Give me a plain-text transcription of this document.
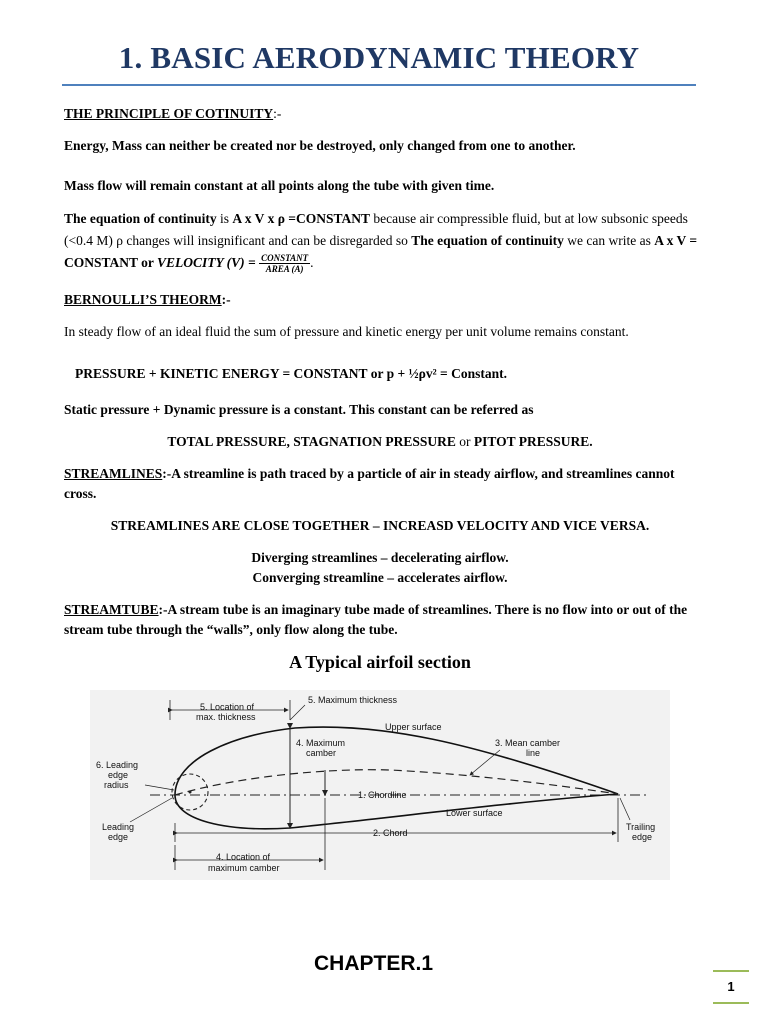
1. BASIC AERODYNAMIC THEORY
THE PRINCIPLE OF COTINUITY:-
Energy, Mass can neither be created nor be destroyed, only changed from one to another.
Mass flow will remain constant at all points along the tube with given time.
The equation of continuity is A x V x ρ =CONSTANT because air compressible fluid, but at low subsonic speeds (<0.4 M) ρ changes will insignificant and can be disregarded so The equation of continuity we can write as A x V = CONSTANT or VELOCITY $(V) = \frac{\text{CONSTANT}}{\text{AREA (A)}}$ .
BERNOULLI’S THEORM:-
In steady flow of an ideal fluid the sum of pressure and kinetic energy per unit volume remains constant.
PRESSURE + KINETIC ENERGY = CONSTANT or p + ½ρv² = Constant.
Static pressure + Dynamic pressure is a constant. This constant can be referred as
TOTAL PRESSURE, STAGNATION PRESSURE or PITOT PRESSURE.
STREAMLINES:-A streamline is path traced by a particle of air in steady airflow, and streamlines cannot cross.
STREAMLINES ARE CLOSE TOGETHER – INCREASD VELOCITY AND VICE VERSA.
Diverging streamlines – decelerating airflow.
Converging streamline – accelerates airflow.
STREAMTUBE:-A stream tube is an imaginary tube made of streamlines. There is no flow into or out of the stream tube through the “walls”, only flow along the tube.
A Typical airfoil section
5. Location of
max. thickness
5. Maximum thickness
Upper surface
4. Maximum
camber
3. Mean camber
line
6. Leading
edge
radius
1. Chordline
Lower surface
Leading
edge	2. Chord
Trailing
edge
4. Location of
maximum camber
CHAPTER.1
1
